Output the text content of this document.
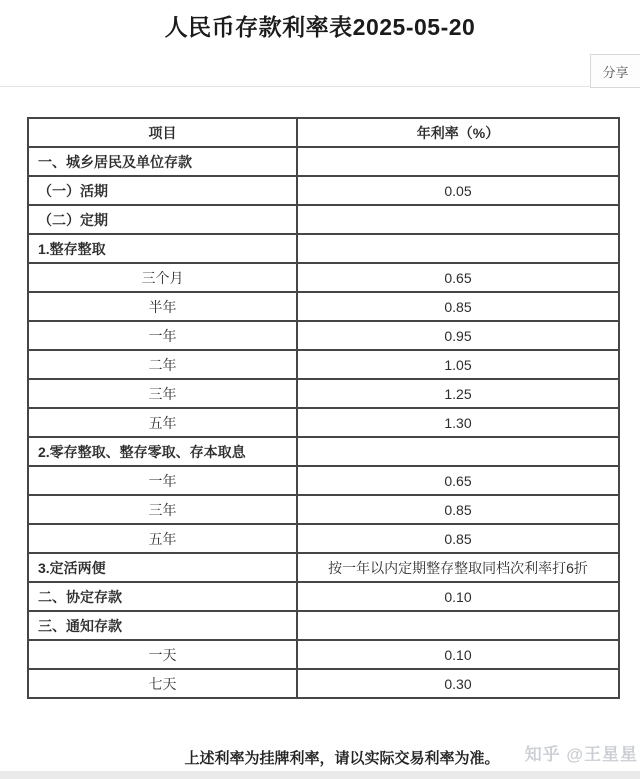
人民币存款利率表2025-05-20
分享
项目	年利率（%）
一、城乡居民及单位存款	
（一）活期	0.05
（二）定期	
1.整存整取	
三个月	0.65
半年	0.85
一年	0.95
二年	1.05
三年	1.25
五年	1.30
2.零存整取、整存零取、存本取息	
一年	0.65
三年	0.85
五年	0.85
3.定活两便	按一年以内定期整存整取同档次利率打6折
二、协定存款	0.10
三、通知存款	
一天	0.10
七天	0.30
上述利率为挂牌利率，请以实际交易利率为准。	知乎 @王星星
